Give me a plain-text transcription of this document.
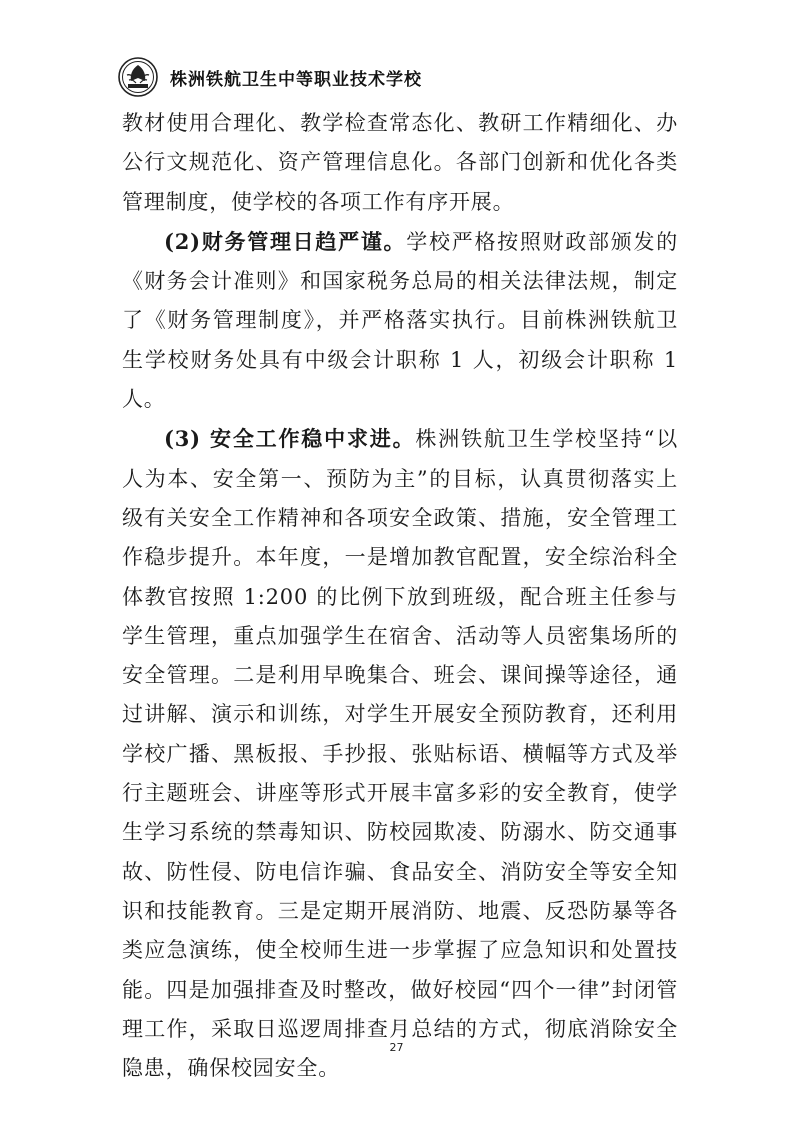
株洲铁航卫生中等职业技术学校

教材使用合理化、教学检查常态化、教研工作精细化、办公行文规范化、资产管理信息化。各部门创新和优化各类管理制度，使学校的各项工作有序开展。

(2)财务管理日趋严谨。学校严格按照财政部颁发的《财务会计准则》和国家税务总局的相关法律法规，制定了《财务管理制度》，并严格落实执行。目前株洲铁航卫生学校财务处具有中级会计职称 1 人，初级会计职称 1 人。

(3) 安全工作稳中求进。株洲铁航卫生学校坚持“以人为本、安全第一、预防为主”的目标，认真贯彻落实上级有关安全工作精神和各项安全政策、措施，安全管理工作稳步提升。本年度，一是增加教官配置，安全综治科全体教官按照 1:200 的比例下放到班级，配合班主任参与学生管理，重点加强学生在宿舍、活动等人员密集场所的安全管理。二是利用早晚集合、班会、课间操等途径，通过讲解、演示和训练，对学生开展安全预防教育，还利用学校广播、黑板报、手抄报、张贴标语、横幅等方式及举行主题班会、讲座等形式开展丰富多彩的安全教育，使学生学习系统的禁毒知识、防校园欺凌、防溺水、防交通事故、防性侵、防电信诈骗、食品安全、消防安全等安全知识和技能教育。三是定期开展消防、地震、反恐防暴等各类应急演练，使全校师生进一步掌握了应急知识和处置技能。四是加强排查及时整改，做好校园“四个一律”封闭管理工作，采取日巡逻周排查月总结的方式，彻底消除安全隐患，确保校园安全。

27
